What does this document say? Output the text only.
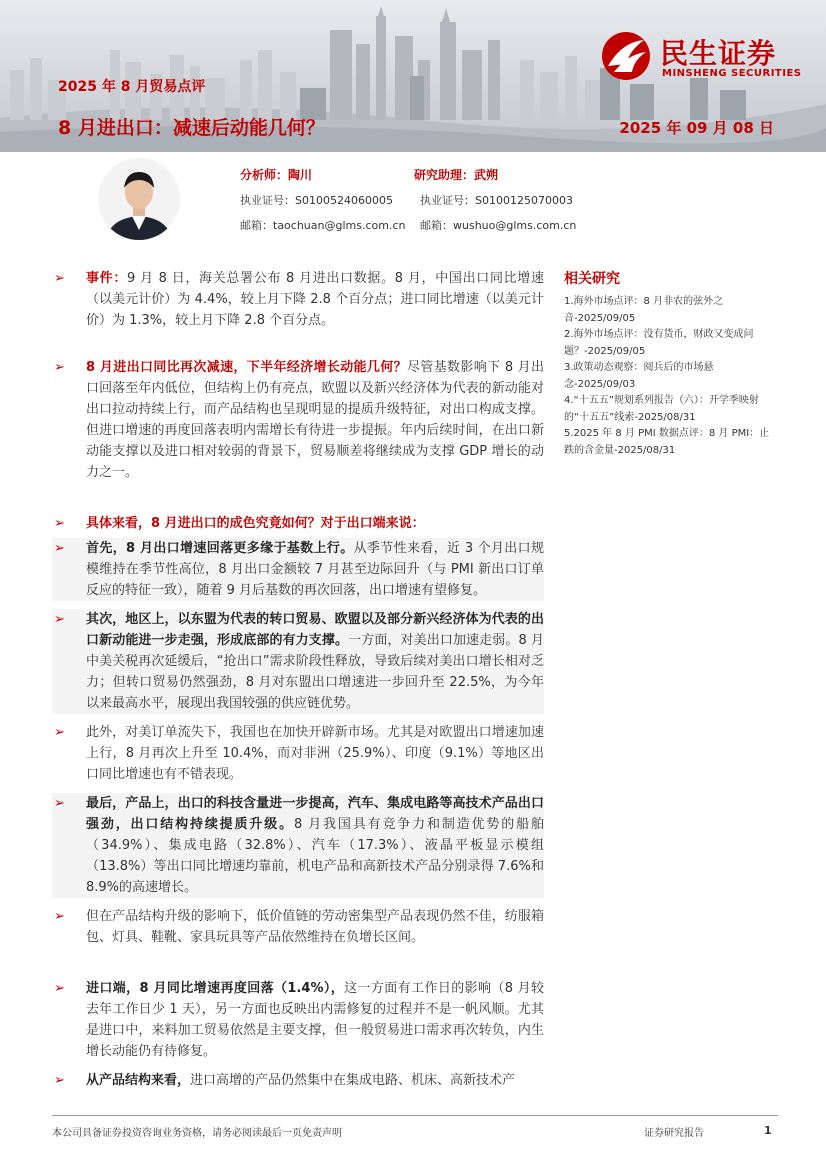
2025 年 8 月贸易点评
8 月进出口：减速后动能几何？	2025 年 09 月 08 日
民生证券
MINSHENG SECURITIES
分析师：陶川
执业证号：S0100524060005
邮箱：taochuan@glms.com.cn
研究助理：武朔
执业证号：S0100125070003
邮箱：wushuo@glms.com.cn
➢ 事件：9 月 8 日，海关总署公布 8 月进出口数据。8 月，中国出口同比增速（以美元计价）为 4.4%，较上月下降 2.8 个百分点；进口同比增速（以美元计价）为 1.3%，较上月下降 2.8 个百分点。
➢ 8 月进出口同比再次减速，下半年经济增长动能几何？尽管基数影响下 8 月出口回落至年内低位，但结构上仍有亮点，欧盟以及新兴经济体为代表的新动能对出口拉动持续上行，而产品结构也呈现明显的提质升级特征，对出口构成支撑。但进口增速的再度回落表明内需增长有待进一步提振。年内后续时间，在出口新动能支撑以及进口相对较弱的背景下，贸易顺差将继续成为支撑 GDP 增长的动力之一。
➢ 具体来看，8 月进出口的成色究竟如何？对于出口端来说：
➢ 首先，8 月出口增速回落更多缘于基数上行。从季节性来看，近 3 个月出口规模维持在季节性高位，8 月出口金额较 7 月甚至边际回升（与 PMI 新出口订单反应的特征一致），随着 9 月后基数的再次回落，出口增速有望修复。
➢ 其次，地区上，以东盟为代表的转口贸易、欧盟以及部分新兴经济体为代表的出口新动能进一步走强，形成底部的有力支撑。一方面，对美出口加速走弱。8 月中美关税再次延缓后，“抢出口”需求阶段性释放，导致后续对美出口增长相对乏力；但转口贸易仍然强劲，8 月对东盟出口增速进一步回升至 22.5%，为今年以来最高水平，展现出我国较强的供应链优势。
➢ 此外，对美订单流失下，我国也在加快开辟新市场。尤其是对欧盟出口增速加速上行，8 月再次上升至 10.4%，而对非洲（25.9%）、印度（9.1%）等地区出口同比增速也有不错表现。
➢ 最后，产品上，出口的科技含量进一步提高，汽车、集成电路等高技术产品出口强劲，出口结构持续提质升级。8 月我国具有竞争力和制造优势的船舶（34.9%）、集成电路（32.8%）、汽车（17.3%）、液晶平板显示模组（13.8%）等出口同比增速均靠前，机电产品和高新技术产品分别录得 7.6%和 8.9%的高速增长。
➢ 但在产品结构升级的影响下，低价值链的劳动密集型产品表现仍然不佳，纺服箱包、灯具、鞋靴、家具玩具等产品依然维持在负增长区间。
➢ 进口端，8 月同比增速再度回落（1.4%），这一方面有工作日的影响（8 月较去年工作日少 1 天），另一方面也反映出内需修复的过程并不是一帆风顺。尤其是进口中，来料加工贸易依然是主要支撑，但一般贸易进口需求再次转负，内生增长动能仍有待修复。
➢ 从产品结构来看，进口高增的产品仍然集中在集成电路、机床、高新技术产
相关研究
1.海外市场点评：8 月非农的弦外之音-2025/09/05
2.海外市场点评：没有货币，财政又变成问题？-2025/09/05
3.政策动态观察：阅兵后的市场悬念-2025/09/03
4.“十五五”规划系列报告（六）：开学季映射的“十五五”线索-2025/08/31
5.2025 年 8 月 PMI 数据点评：8 月 PMI：止跌的含金量-2025/08/31
本公司具备证券投资咨询业务资格，请务必阅读最后一页免责声明	证券研究报告	1
